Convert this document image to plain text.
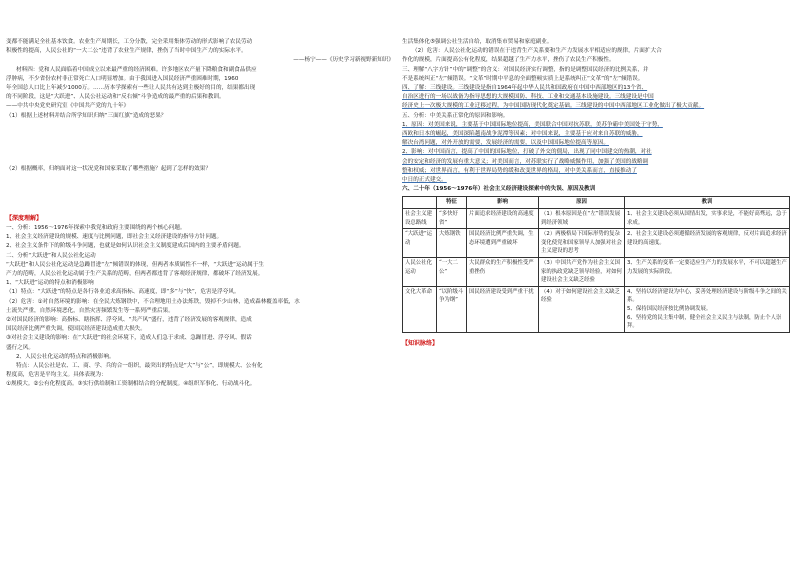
变都不能满足全社基本饮食。农业生产周期长，工分分散，完全采用集体劳动的形式影响了农民劳动

积极性的提高，人民公社的“一大二公”违背了农业生产规律，挫伤了当时中国生产力的实际水平。

——杨宁——《历史学习新视野新知识》

材料四：党和人民面临着中国成立以来最严重的经济困难。许多地区农产量下降粮食和副食品供应

浮肿病，不少省份农村非正常死亡人口明显增加。由于我国进入国民经济严重困难时期，1960

年全国总人口比上年减少1000万。……历本学探索有一些让人民共有达到主极好的目的，结果都出现

的不同阶段，这是“大跃进”、人民公社运动和“反右倾”斗争造成的最严重的后果和教训。

——中共中央党史研究室《中国共产党的九十年》

（1）根据上述材料并结合所学知识归纳“三面红旗”造成的恶果？

（2）根据概率，归纳面对这一状况党和国家采取了哪些措施？起到了怎样的效果？

【深度理解】

一、分析：1956～1976年探索中我党和政府主要围绕的两个核心问题。

1、社会主义经济建设的规模、速度与比例问题，即社会主义经济建设的指导方针问题。

2、社会主义条件下的阶级斗争问题，也就是如何认识社会主义制度建成后国内的主要矛盾问题。

二、分析“大跃进”和人民公社化运动

“大跃进”和人民公社化运动是急躁冒进“左”倾错误的体现，但两者本质属性不一样，“大跃进”运动属于生

产力的范畴，人民公社化运动属于生产关系的范畴，但两者都违背了客观经济规律，都破坏了经济发展。

1、“大跃进”运动的特点和消极影响

（1）特点：“大跃进”的特点是各行各业追求高指标、高速度，即“多”与“快”，危害是浮夸风。

（2）危害：①对自然环境的影响：在全民大炼钢铁中，不合理地用土办法炼铁，毁掉不少山林，造成森林覆盖率低，水

土流失严重，自然环境恶化，自然灾害频繁发生等一系列严重后果。

②对国民经济的影响：高指标、瞎指挥、浮夸风、“共产风”盛行，违背了经济发展的客观规律，造成

国民经济比例严重失调，使国民经济建设造成重大损失。

③对社会主义建设的影响：在“大跃进”的社会环境下，造成人们急于求成、急躁冒进、浮夸风、假话

盛行之风。

2、人民公社化运动的特点和消极影响。

特点：人民公社是农、工、商、学、兵的合一组织，最突出的特点是“大”与“公”，即规模大、公有化

程度高，危害是平均主义。具体表现为：

①规模大。②公有化程度高。③实行供给制和工资制相结合的分配制度。④组织军事化、行动战斗化。

生活集体化⑤强调公社生活自给，取消集市贸易和家庭副业。

（2）危害：人民公社化运动的错误在于违背生产关系要和生产力发展水平相适应的规律，片面扩大合

作化的规模，片面提高公有化程度，结果超越了生产力水平，挫伤了农民生产积极性。

三、理解“八字方针”中的“调整”的含义：对国民经济实行调整，指的是调整国民经济的比例关系，并

不是系统纠正“左”倾错误。“文革”时期中平息的全面整顿实质上是系统纠正“文革”的“左”倾错误。

四、了解：三线建设。三线建设是指自1964年起中华人民共和国政府在中国中西部地区的13个省、

自治区进行的一场以战备为指导思想的大规模国防、科技、工业和交通基本设施建设。三线建设是中国

经济史上一次极大规模的工业迁移过程，为中国国防现代化奠定基础。三线建设的中国中西部地区工业化做出了极大贡献。

五、分析：中美关系正常化的原因和影响。

1、原因：对美国来说，主要基于中国国际地位提高，美国联合中国对抗苏联，美苏争霸中美国处于守势，

西欧和日本的崛起，美国深陷越南战争泥潭等因素；对中国来说，主要基于应对来自苏联的威胁，

解决台湾问题，对外开放的需要，发展经济的需要，以及中国国际地位提高等原因。

2、影响：对中国而言，提高了中国的国际地位，打破了外交的僵局，出现了同中国建交的热潮，对社

会的安定和经济的发展有重大意义；对美国而言，对苏联实行了战略威慑作用，加强了美国的战略调

整和权威；对世界而言，有利于世界局势的缓和改变世界的格局，对中美关系而言，直接推动了

中日的正式建交。

六、二十年（1956～1976年）社会主义经济建设探索中的失误、原因及教训

	特征	影响	原因	教训
社会主义建设总路线	“多快好省”	片面追求经济建设的高速度	（1）根本原因是在“左”错误发展到经济领域	1、社会主义建设必须从国情出发，实事求是，不能好高骛远，急于求成。
“大跃进”运动	大炼钢铁	国民经济比例严重失调，生态环境遭到严重破坏	（2）两极格局下国际形势的复杂变化使党和国家领导人加强对社会主义建设的思考	2、社会主义建设必须遵循经济发展的客观规律，反对片面追求经济建设的高速度。
人民公社化运动	“一大二公”	大民群众的生产积极性受严重挫伤	（3）中国共产党作为社会主义国家的执政党缺乏领导经验，对如何建设社会主义缺乏经验	3、生产关系的变革一定要适应生产力的发展水平，不可以超越生产力发展的实际阶段。
文化大革命	“以阶级斗争为纲”	国民经济建设受到严重干扰	（4）对于如何建设社会主义缺乏经验	4、坚持以经济建设为中心，妥善处理经济建设与阶级斗争之间的关系。
5、保持国民经济按比例协调发展。
6、坚持党的民主集中制，健全社会主义民主与法制，防止个人崇拜。

【知识脉络】
